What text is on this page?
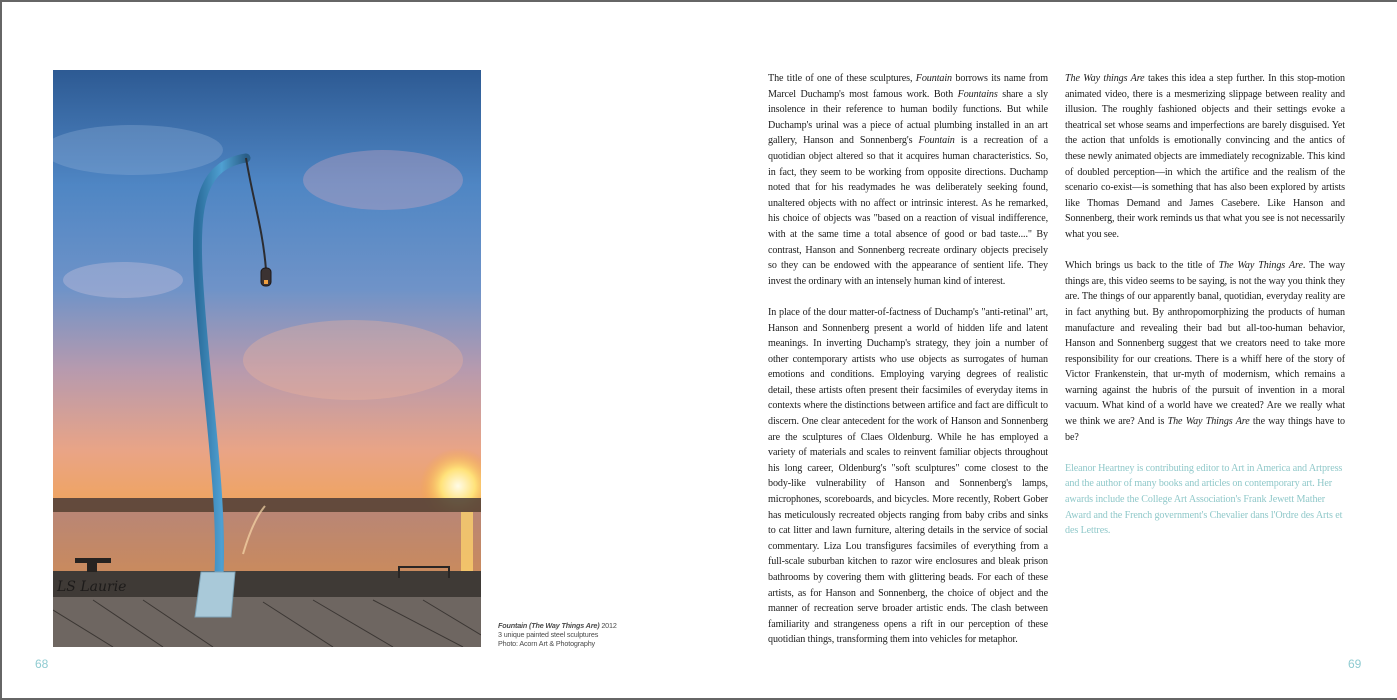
LS Laurie
Fountain (The Way Things Are) 2012
3 unique painted steel sculptures
Photo: Acorn Art & Photography
68	69

The title of one of these sculptures, Fountain borrows its name from Marcel Duchamp's most famous work. Both Fountains share a sly insolence in their reference to human bodily functions. But while Duchamp's urinal was a piece of actual plumbing installed in an art gallery, Hanson and Sonnenberg's Fountain is a recreation of a quotidian object altered so that it acquires human characteristics. So, in fact, they seem to be working from opposite directions. Duchamp noted that for his readymades he was deliberately seeking found, unaltered objects with no affect or intrinsic interest. As he remarked, his choice of objects was "based on a reaction of visual indifference, with at the same time a total absence of good or bad taste...." By contrast, Hanson and Sonnenberg recreate ordinary objects precisely so they can be endowed with the appearance of sentient life. They invest the ordinary with an intensely human kind of interest.

In place of the dour matter-of-factness of Duchamp's "anti-retinal" art, Hanson and Sonnenberg present a world of hidden life and latent meanings. In inverting Duchamp's strategy, they join a number of other contemporary artists who use objects as surrogates of human emotions and conditions. Employing varying degrees of realistic detail, these artists often present their facsimiles of everyday items in contexts where the distinctions between artifice and fact are difficult to discern. One clear antecedent for the work of Hanson and Sonnenberg are the sculptures of Claes Oldenburg. While he has employed a variety of materials and scales to reinvent familiar objects throughout his long career, Oldenburg's "soft sculptures" come closest to the body-like vulnerability of Hanson and Sonnenberg's lamps, microphones, scoreboards, and bicycles. More recently, Robert Gober has meticulously recreated objects ranging from baby cribs and sinks to cat litter and lawn furniture, altering details in the service of social commentary. Liza Lou transfigures facsimiles of everything from a full-scale suburban kitchen to razor wire enclosures and bleak prison bathrooms by covering them with glittering beads. For each of these artists, as for Hanson and Sonnenberg, the choice of object and the manner of recreation serve broader artistic ends. The clash between familiarity and strangeness opens a rift in our perception of these quotidian things, transforming them into vehicles for metaphor.

The Way things Are takes this idea a step further. In this stop-motion animated video, there is a mesmerizing slippage between reality and illusion. The roughly fashioned objects and their settings evoke a theatrical set whose seams and imperfections are barely disguised. Yet the action that unfolds is emotionally convincing and the antics of these newly animated objects are immediately recognizable. This kind of doubled perception—in which the artifice and the realism of the scenario co-exist—is something that has also been explored by artists like Thomas Demand and James Casebere. Like Hanson and Sonnenberg, their work reminds us that what you see is not necessarily what you see.

Which brings us back to the title of The Way Things Are. The way things are, this video seems to be saying, is not the way you think they are. The things of our apparently banal, quotidian, everyday reality are in fact anything but. By anthropomorphizing the products of human manufacture and revealing their bad but all-too-human behavior, Hanson and Sonnenberg suggest that we creators need to take more responsibility for our creations. There is a whiff here of the story of Victor Frankenstein, that ur-myth of modernism, which remains a warning against the hubris of the pursuit of invention in a moral vacuum. What kind of a world have we created? Are we really what we think we are? And is The Way Things Are the way things have to be?

Eleanor Heartney is contributing editor to Art in America and Artpress and the author of many books and articles on contemporary art. Her awards include the College Art Association's Frank Jewett Mather Award and the French government's Chevalier dans l'Ordre des Arts et des Lettres.
